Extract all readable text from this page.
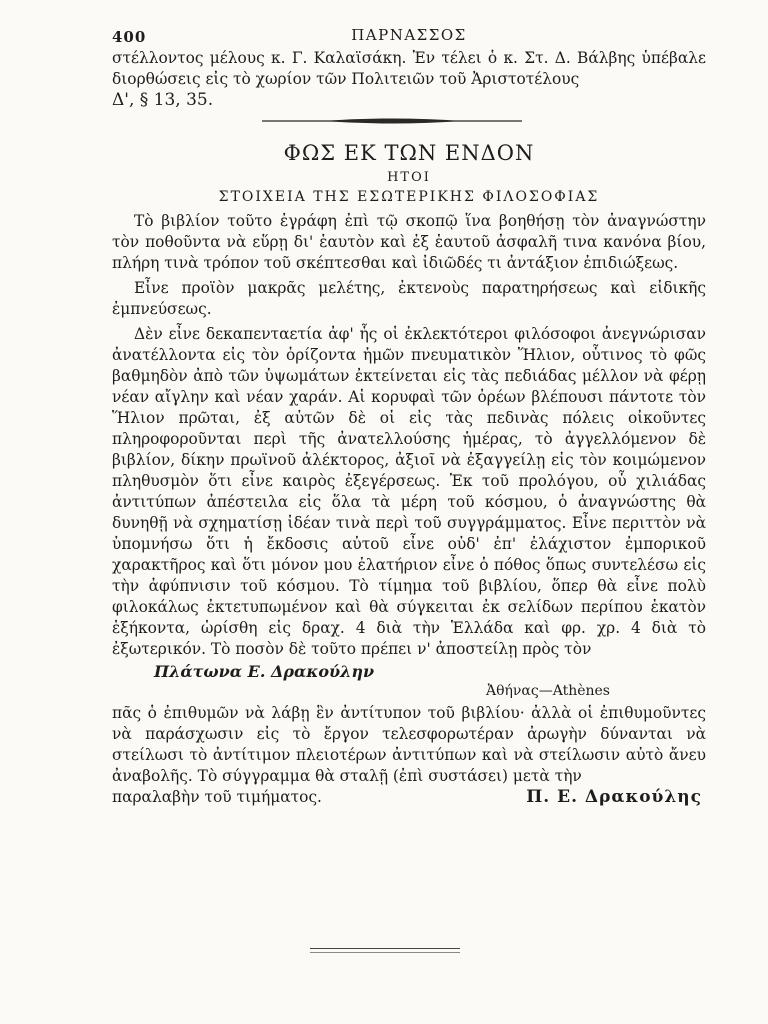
400	ΠΑΡΝΑΣΣΟΣ
στέλλοντος μέλους κ. Γ. Καλαϊσάκη. Ἐν τέλει ὁ κ. Στ. Δ. Βάλβης ὑπέβαλε διορθώσεις εἰς τὸ χωρίον τῶν Πολιτειῶν τοῦ Ἀριστοτέλους
Δ', § 13, 35.
ΦΩΣ ΕΚ ΤΩΝ ΕΝΔΟΝ
ΗΤΟΙ
ΣΤΟΙΧΕΙΑ ΤΗΣ ΕΣΩΤΕΡΙΚΗΣ ΦΙΛΟΣΟΦΙΑΣ

Τὸ βιβλίον τοῦτο ἐγράφη ἐπὶ τῷ σκοπῷ ἵνα βοηθήσῃ τὸν ἀναγνώστην τὸν ποθοῦντα νὰ εὕρῃ δι' ἑαυτὸν καὶ ἐξ ἑαυτοῦ ἀσφαλῆ τινα κανόνα βίου, πλήρη τινὰ τρόπον τοῦ σκέπτεσθαι καὶ ἰδιῶδές τι ἀντάξιον ἐπιδιώξεως.

Εἶνε προϊὸν μακρᾶς μελέτης, ἐκτενοὺς παρατηρήσεως καὶ εἰδικῆς ἐμπνεύσεως.

Δὲν εἶνε δεκαπενταετία ἀφ' ἧς οἱ ἐκλεκτότεροι φιλόσοφοι ἀνεγνώρισαν ἀνατέλλοντα εἰς τὸν ὁρίζοντα ἡμῶν πνευματικὸν Ἥλιον, οὗτινος τὸ φῶς βαθμηδὸν ἀπὸ τῶν ὑψωμάτων ἐκτείνεται εἰς τὰς πεδιάδας μέλλον νὰ φέρῃ νέαν αἴγλην καὶ νέαν χαράν. Αἱ κορυφαὶ τῶν ὀρέων βλέπουσι πάντοτε τὸν Ἥλιον πρῶται, ἐξ αὐτῶν δὲ οἱ εἰς τὰς πεδινὰς πόλεις οἰκοῦντες πληροφοροῦνται περὶ τῆς ἀνατελλούσης ἡμέρας, τὸ ἀγγελλόμενον δὲ βιβλίον, δίκην πρωϊνοῦ ἀλέκτορος, ἀξιοῖ νὰ ἐξαγγείλῃ εἰς τὸν κοιμώμενον πληθυσμὸν ὅτι εἶνε καιρὸς ἐξεγέρσεως. Ἐκ τοῦ προλόγου, οὗ χιλιάδας ἀντιτύπων ἀπέστειλα εἰς ὅλα τὰ μέρη τοῦ κόσμου, ὁ ἀναγνώστης θὰ δυνηθῇ νὰ σχηματίσῃ ἰδέαν τινὰ περὶ τοῦ συγγράμματος. Εἶνε περιττὸν νὰ ὑπομνήσω ὅτι ἡ ἔκδοσις αὐτοῦ εἶνε οὐδ' ἐπ' ἐλάχιστον ἐμπορικοῦ χαρακτῆρος καὶ ὅτι μόνον μου ἐλατήριον εἶνε ὁ πόθος ὅπως συντελέσω εἰς τὴν ἀφύπνισιν τοῦ κόσμου. Τὸ τίμημα τοῦ βιβλίου, ὅπερ θὰ εἶνε πολὺ φιλοκάλως ἐκτετυπωμένον καὶ θὰ σύγκειται ἐκ σελίδων περίπου ἑκατὸν ἑξήκοντα, ὡρίσθη εἰς δραχ. 4 διὰ τὴν Ἑλλάδα καὶ φρ. χρ. 4 διὰ τὸ ἐξωτερικόν. Τὸ ποσὸν δὲ τοῦτο πρέπει ν' ἀποστείλῃ πρὸς τὸν

Πλάτωνα Ε. Δρακούλην
Ἀθήνας—Athènes

πᾶς ὁ ἐπιθυμῶν νὰ λάβῃ ἓν ἀντίτυπον τοῦ βιβλίου· ἀλλὰ οἱ ἐπιθυμοῦντες νὰ παράσχωσιν εἰς τὸ ἔργον τελεσφορωτέραν ἀρωγὴν δύνανται νὰ στείλωσι τὸ ἀντίτιμον πλειοτέρων ἀντιτύπων καὶ νὰ στείλωσιν αὐτὸ ἄνευ ἀναβολῆς. Τὸ σύγγραμμα θὰ σταλῇ (ἐπὶ συστάσει) μετὰ τὴν

παραλαβὴν τοῦ τιμήματος.	Π. Ε. Δρακούλης
